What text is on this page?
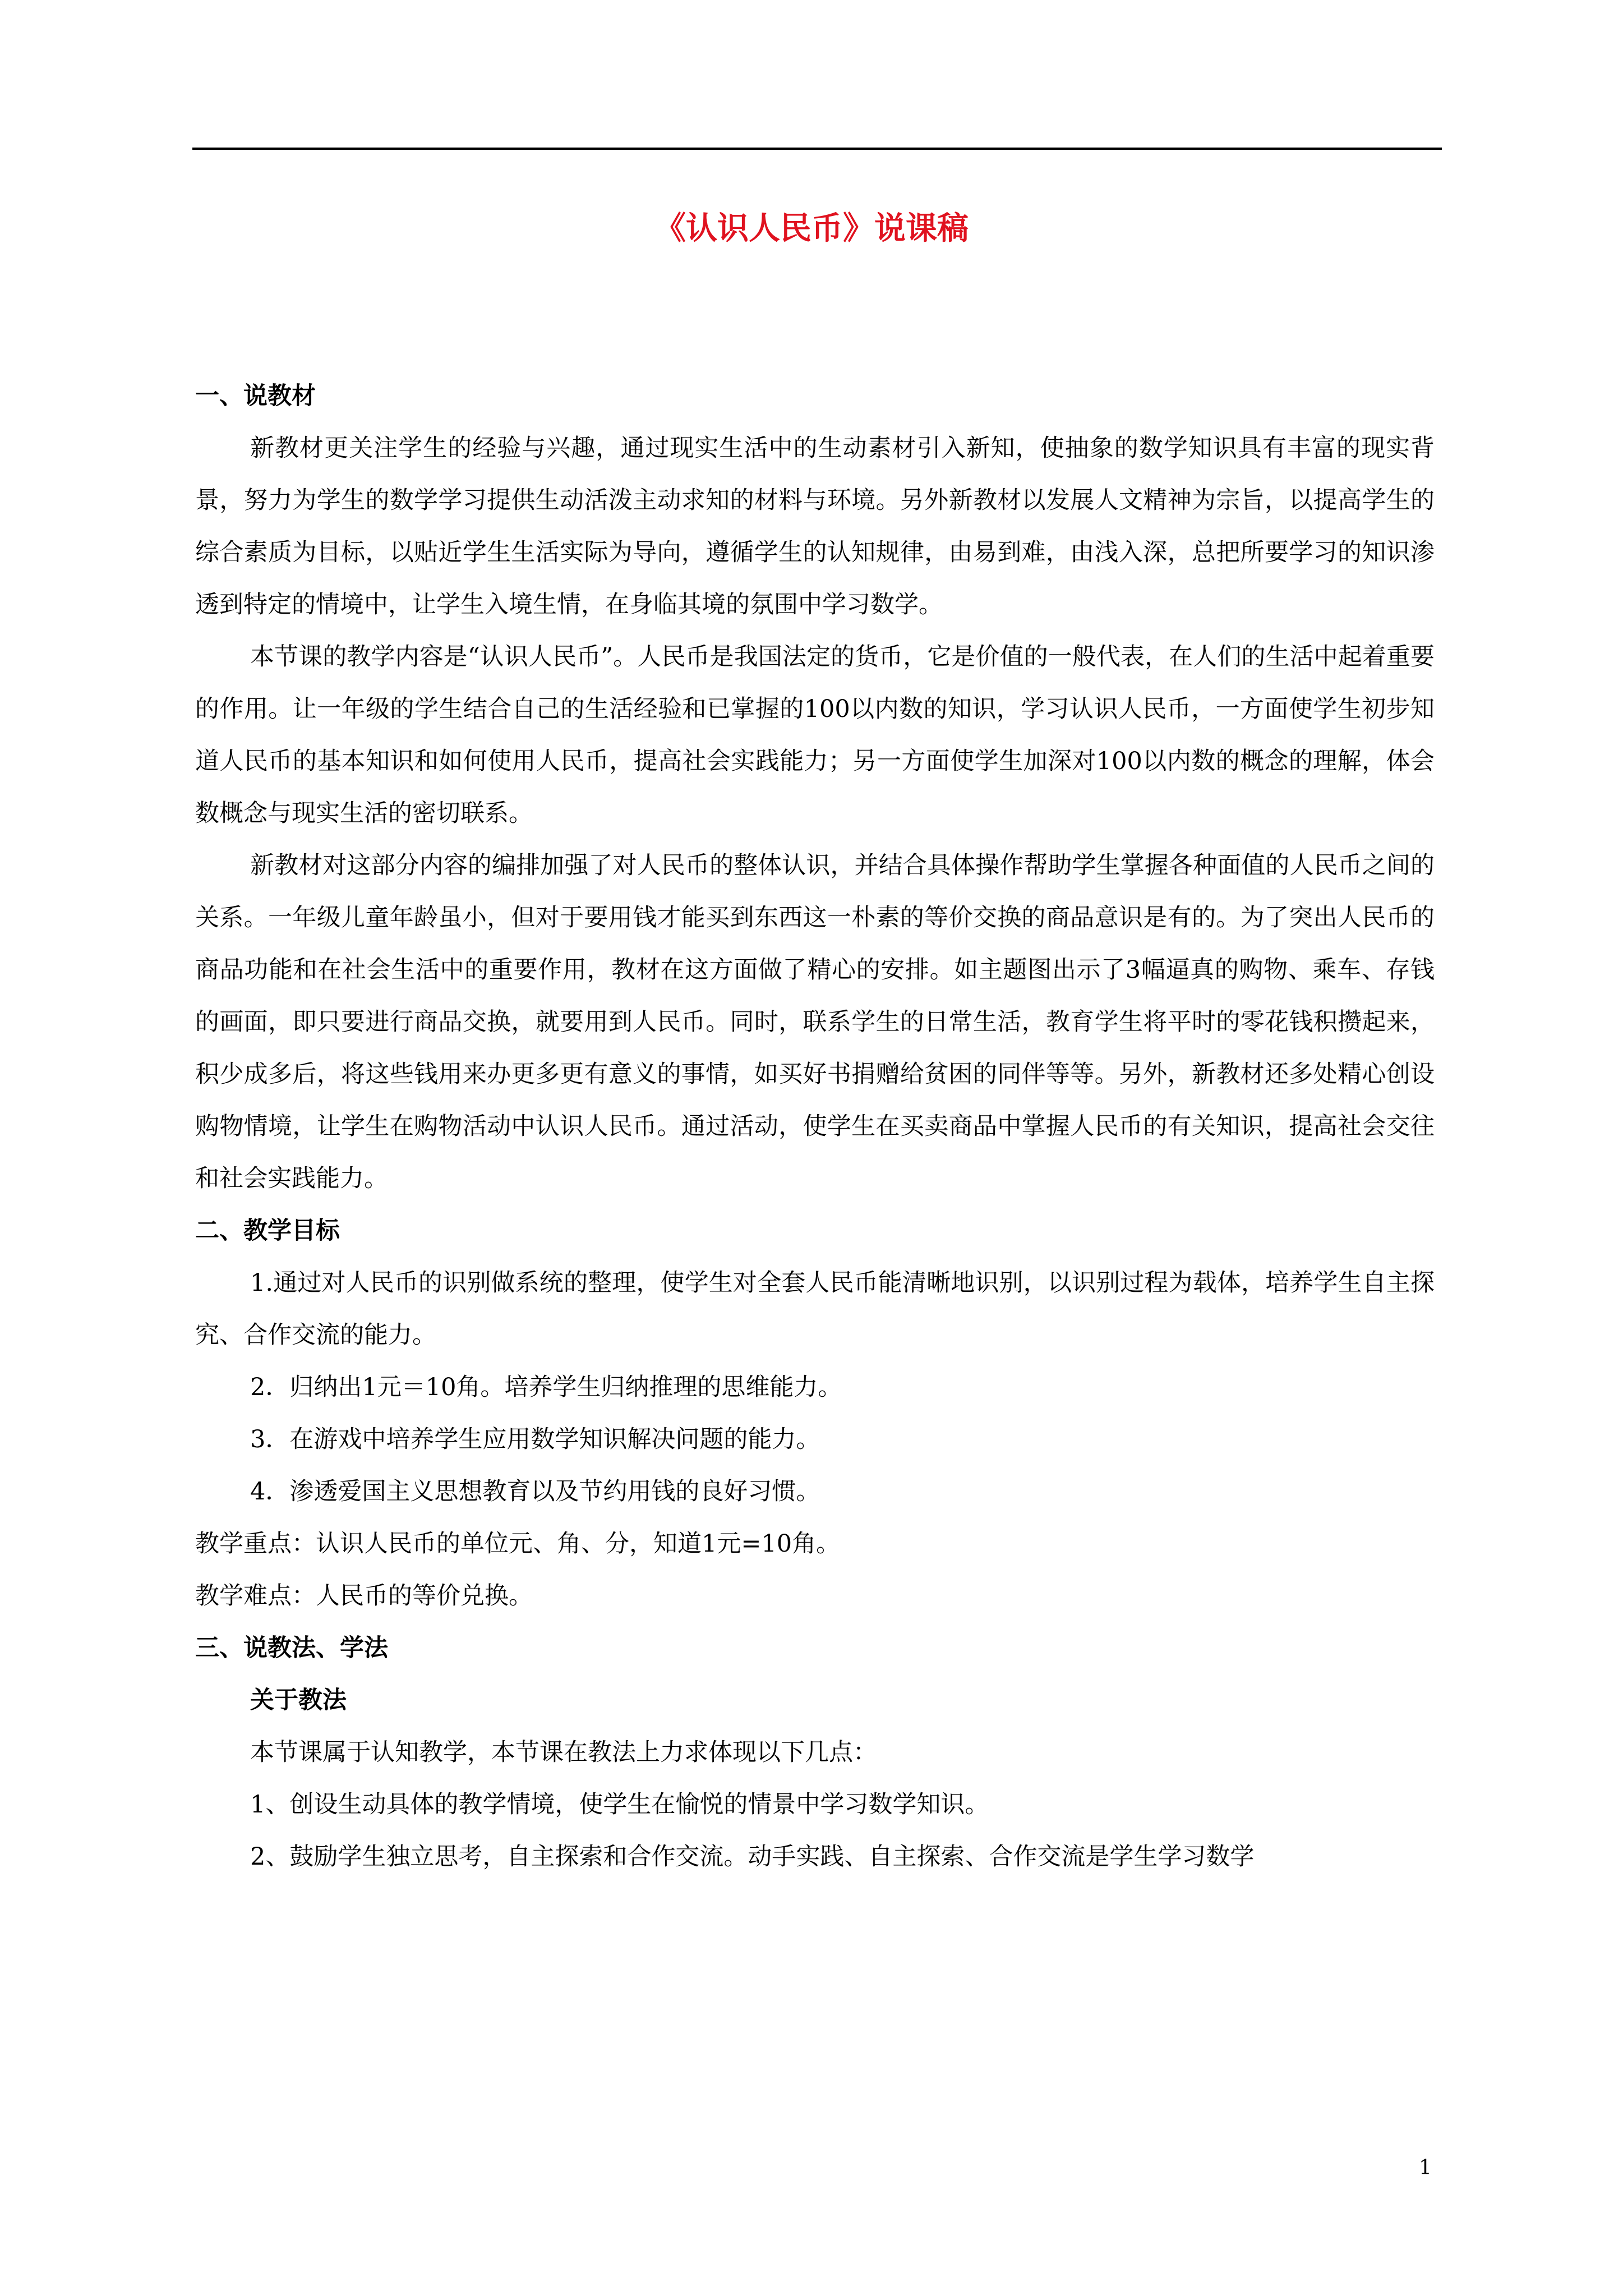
《认识人民币》说课稿

一、说教材

新教材更关注学生的经验与兴趣，通过现实生活中的生动素材引入新知，使抽象的数学知识具有丰富的现实背景，努力为学生的数学学习提供生动活泼主动求知的材料与环境。另外新教材以发展人文精神为宗旨，以提高学生的综合素质为目标，以贴近学生生活实际为导向，遵循学生的认知规律，由易到难，由浅入深，总把所要学习的知识渗透到特定的情境中，让学生入境生情，在身临其境的氛围中学习数学。

本节课的教学内容是“认识人民币”。人民币是我国法定的货币，它是价值的一般代表，在人们的生活中起着重要的作用。让一年级的学生结合自己的生活经验和已掌握的100以内数的知识，学习认识人民币，一方面使学生初步知道人民币的基本知识和如何使用人民币，提高社会实践能力；另一方面使学生加深对100以内数的概念的理解，体会数概念与现实生活的密切联系。

新教材对这部分内容的编排加强了对人民币的整体认识，并结合具体操作帮助学生掌握各种面值的人民币之间的关系。一年级儿童年龄虽小，但对于要用钱才能买到东西这一朴素的等价交换的商品意识是有的。为了突出人民币的商品功能和在社会生活中的重要作用，教材在这方面做了精心的安排。如主题图出示了3幅逼真的购物、乘车、存钱的画面，即只要进行商品交换，就要用到人民币。同时，联系学生的日常生活，教育学生将平时的零花钱积攒起来，积少成多后，将这些钱用来办更多更有意义的事情，如买好书捐赠给贫困的同伴等等。另外，新教材还多处精心创设购物情境，让学生在购物活动中认识人民币。通过活动，使学生在买卖商品中掌握人民币的有关知识，提高社会交往和社会实践能力。

二、教学目标

1.通过对人民币的识别做系统的整理，使学生对全套人民币能清晰地识别，以识别过程为载体，培养学生自主探究、合作交流的能力。

2．归纳出1元＝10角。培养学生归纳推理的思维能力。

3．在游戏中培养学生应用数学知识解决问题的能力。

4．渗透爱国主义思想教育以及节约用钱的良好习惯。

教学重点：认识人民币的单位元、角、分，知道1元=10角。

教学难点：人民币的等价兑换。

三、说教法、学法

关于教法

本节课属于认知教学，本节课在教法上力求体现以下几点：

1、创设生动具体的教学情境，使学生在愉悦的情景中学习数学知识。

2、鼓励学生独立思考，自主探索和合作交流。动手实践、自主探索、合作交流是学生学习数学

1
